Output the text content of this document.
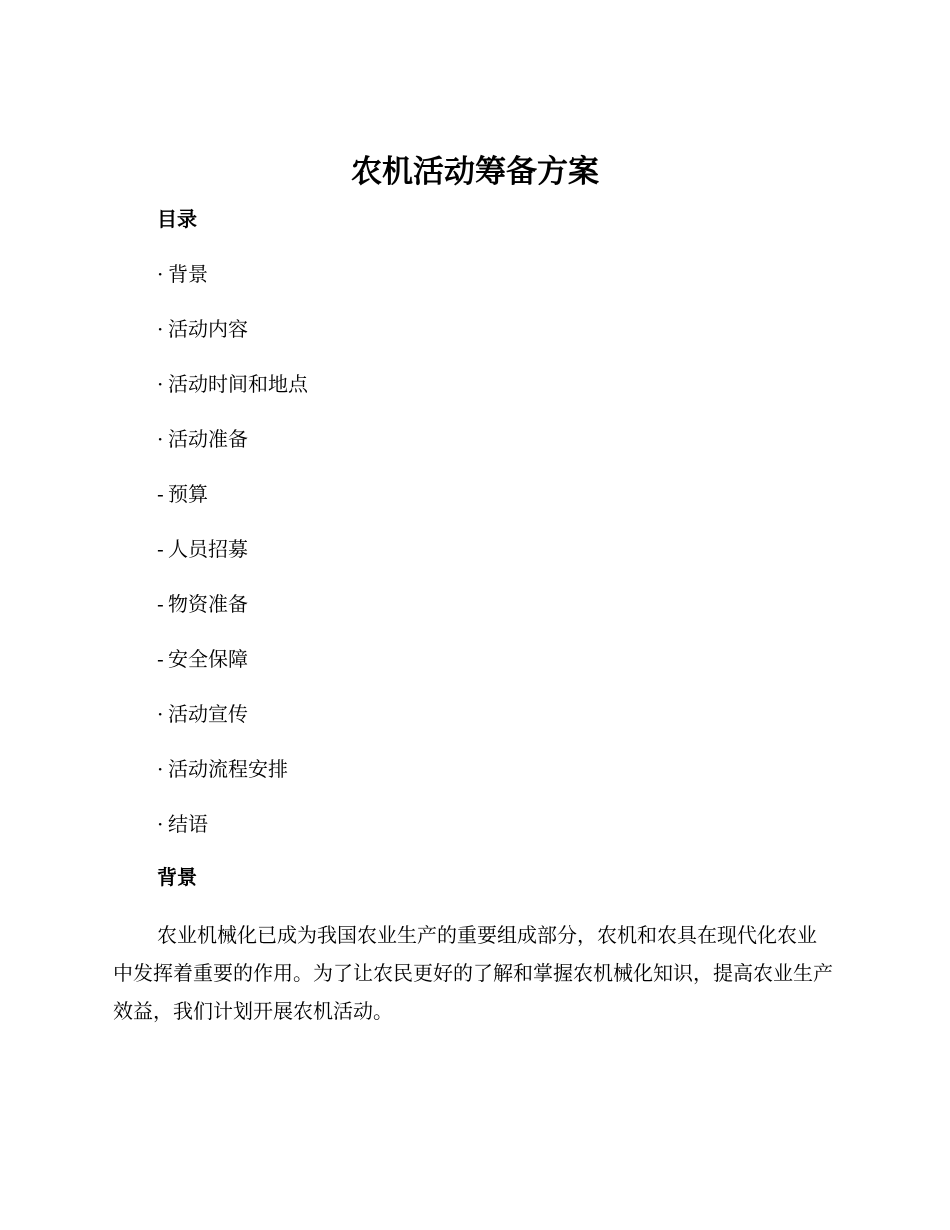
农机活动筹备方案
目录
· 背景
· 活动内容
· 活动时间和地点
· 活动准备
- 预算
- 人员招募
- 物资准备
- 安全保障
· 活动宣传
· 活动流程安排
· 结语
背景

农业机械化已成为我国农业生产的重要组成部分，农机和农具在现代化农业中发挥着重要的作用。为了让农民更好的了解和掌握农机械化知识，提高农业生产效益，我们计划开展农机活动。
